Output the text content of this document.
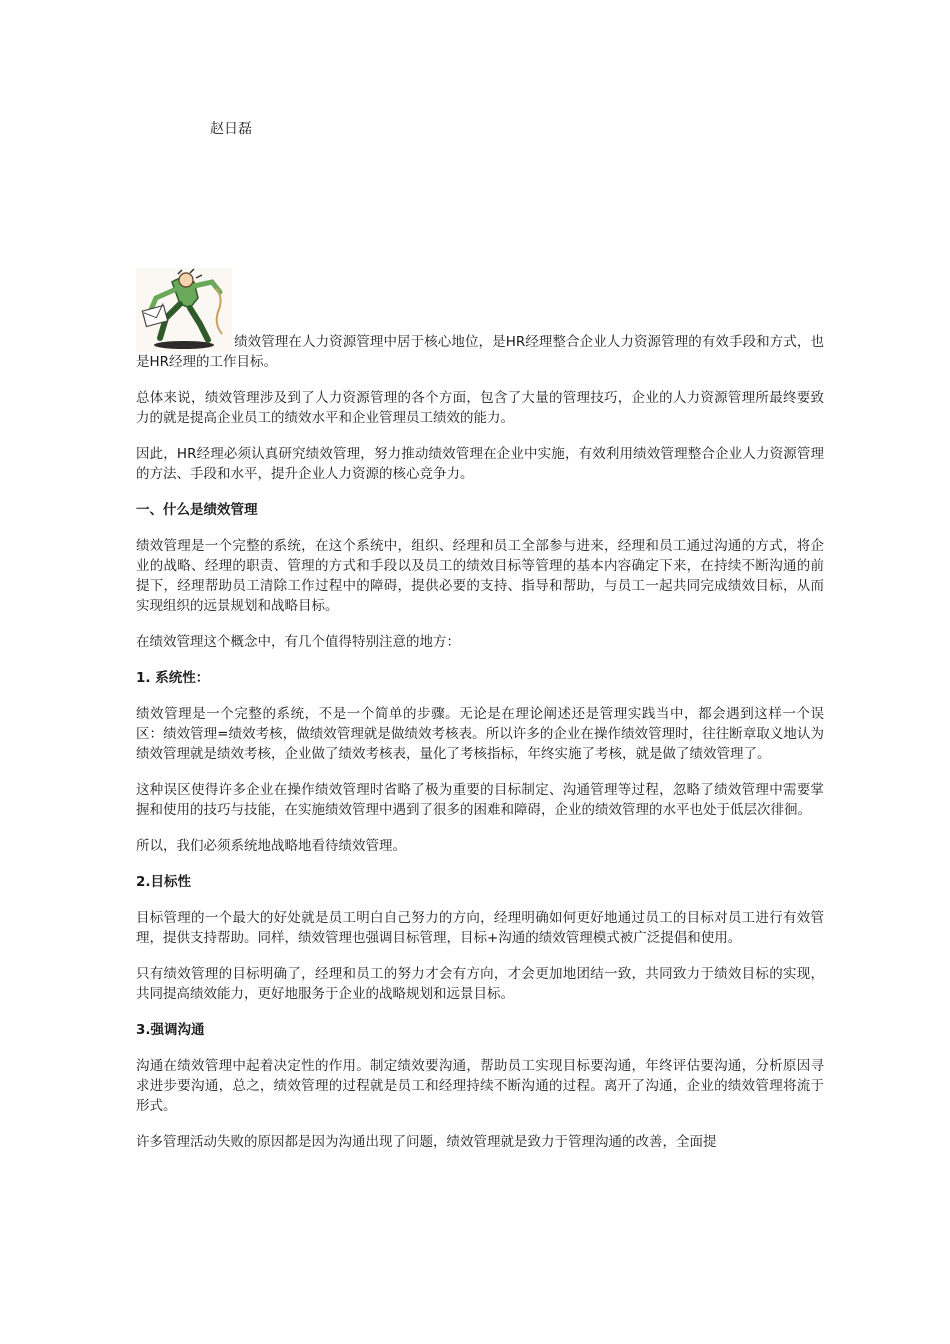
赵日磊

绩效管理在人力资源管理中居于核心地位，是HR经理整合企业人力资源管理的有效手段和方式，也是HR经理的工作目标。

总体来说，绩效管理涉及到了人力资源管理的各个方面，包含了大量的管理技巧，企业的人力资源管理所最终要致力的就是提高企业员工的绩效水平和企业管理员工绩效的能力。

因此，HR经理必须认真研究绩效管理，努力推动绩效管理在企业中实施，有效利用绩效管理整合企业人力资源管理的方法、手段和水平，提升企业人力资源的核心竞争力。

一、什么是绩效管理

绩效管理是一个完整的系统，在这个系统中，组织、经理和员工全部参与进来，经理和员工通过沟通的方式，将企业的战略、经理的职责、管理的方式和手段以及员工的绩效目标等管理的基本内容确定下来，在持续不断沟通的前提下，经理帮助员工清除工作过程中的障碍，提供必要的支持、指导和帮助，与员工一起共同完成绩效目标，从而实现组织的远景规划和战略目标。

在绩效管理这个概念中，有几个值得特别注意的地方：

1. 系统性：

绩效管理是一个完整的系统，不是一个简单的步骤。无论是在理论阐述还是管理实践当中，都会遇到这样一个误区：绩效管理=绩效考核，做绩效管理就是做绩效考核表。所以许多的企业在操作绩效管理时，往往断章取义地认为绩效管理就是绩效考核，企业做了绩效考核表，量化了考核指标，年终实施了考核，就是做了绩效管理了。

这种误区使得许多企业在操作绩效管理时省略了极为重要的目标制定、沟通管理等过程，忽略了绩效管理中需要掌握和使用的技巧与技能，在实施绩效管理中遇到了很多的困难和障碍，企业的绩效管理的水平也处于低层次徘徊。

所以，我们必须系统地战略地看待绩效管理。

2.目标性

目标管理的一个最大的好处就是员工明白自己努力的方向，经理明确如何更好地通过员工的目标对员工进行有效管理，提供支持帮助。同样，绩效管理也强调目标管理，目标+沟通的绩效管理模式被广泛提倡和使用。

只有绩效管理的目标明确了，经理和员工的努力才会有方向，才会更加地团结一致，共同致力于绩效目标的实现，共同提高绩效能力，更好地服务于企业的战略规划和远景目标。

3.强调沟通

沟通在绩效管理中起着决定性的作用。制定绩效要沟通，帮助员工实现目标要沟通，年终评估要沟通，分析原因寻求进步要沟通，总之，绩效管理的过程就是员工和经理持续不断沟通的过程。离开了沟通，企业的绩效管理将流于形式。

许多管理活动失败的原因都是因为沟通出现了问题，绩效管理就是致力于管理沟通的改善，全面提
